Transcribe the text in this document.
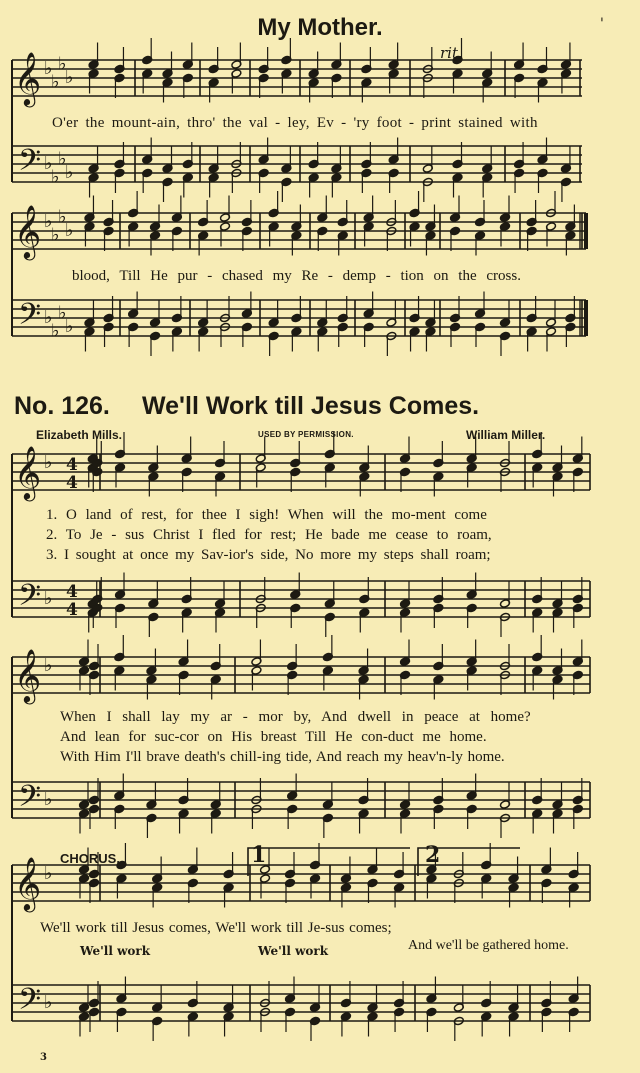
𝄞
𝄢
♭
♭
♭
♭
♭
♭
♭
♭
𝄞
𝄢
♭
♭
♭
♭
♭
♭
♭
♭
𝄞
𝄢
♭
♭
4
4
4
4
𝄞
𝄢
♭
♭
𝄞
𝄢
♭
♭
My Mother.	'
rit.
O'er the mount-ain, thro' the val - ley, Ev - 'ry foot - print stained with
blood, Till He pur - chased my Re - demp - tion on the cross.
No. 126. We'll Work till Jesus Comes.
Elizabeth Mills.	USED BY PERMISSION.	William Miller.
1. O land of rest, for thee I sigh! When will the mo-ment come
2. To Je - sus Christ I fled for rest; He bade me cease to roam,
3. I sought at once my Sav-ior's side, No more my steps shall roam;
When I shall lay my ar - mor by, And dwell in peace at home?
And lean for suc-cor on His breast Till He con-duct me home.
With Him I'll brave death's chill-ing tide, And reach my heav'n-ly home.
CHORUS.	1	2
We'll work till Jesus comes, We'll work till Je-sus comes;
We'll work	We'll work	And we'll be gathered home.
3
